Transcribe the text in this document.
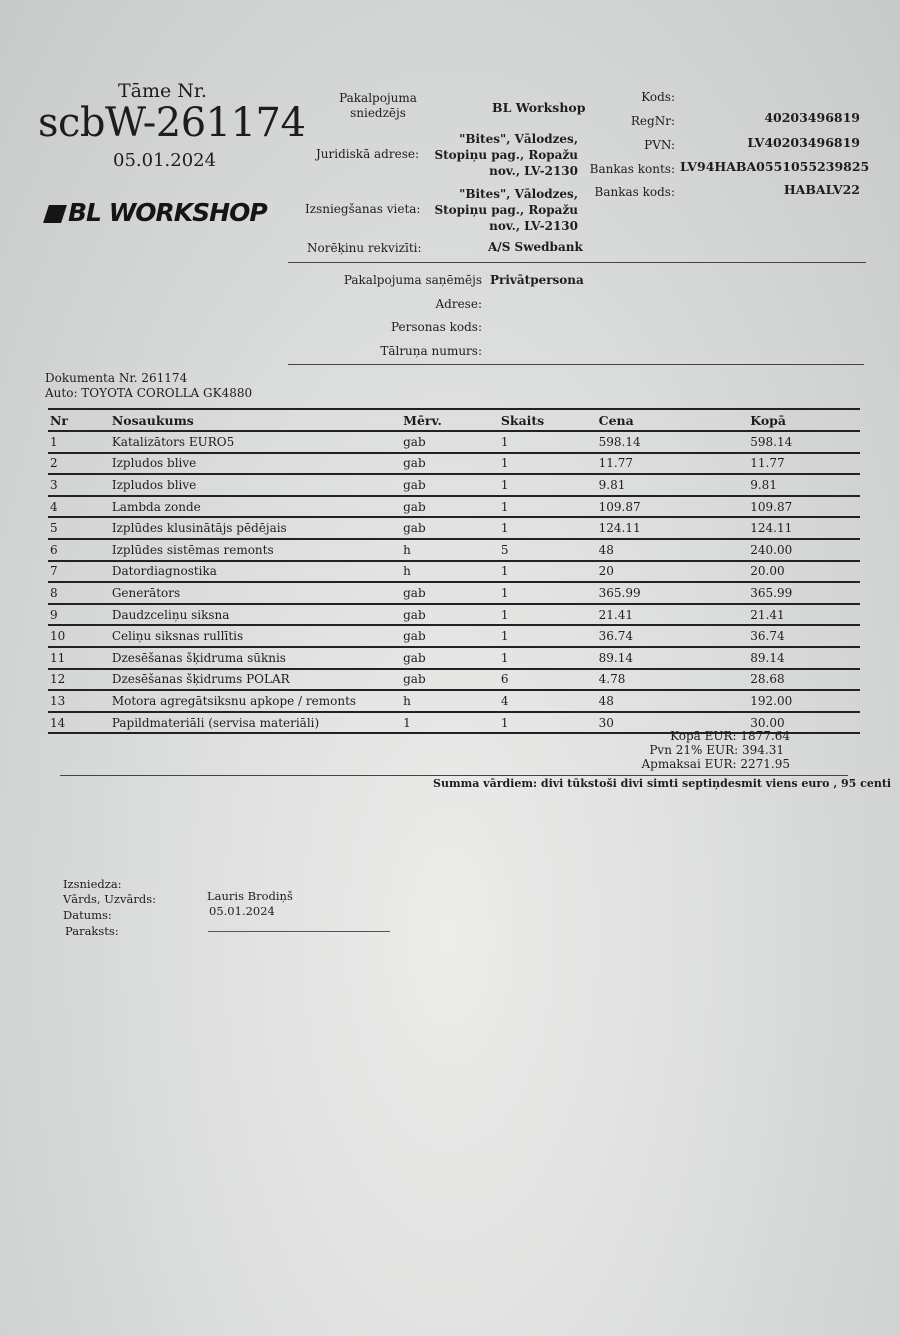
Tāme Nr.
scbW-261174
05.01.2024
BL WORKSHOP
Pakalpojuma sniedzējs	BL Workshop
Juridiskā adrese:
"Bites", Vālodzes,
Stopiņu pag., Ropažu
nov., LV-2130
Izsniegšanas vieta:
"Bites", Vālodzes,
Stopiņu pag., Ropažu
nov., LV-2130
Norēķinu rekvizīti:	A/S Swedbank
Kods:
RegNr:	40203496819
PVN:	LV40203496819
Bankas konts: LV94HABA0551055239825
Bankas kods:	HABALV22
Pakalpojuma saņēmējs Privātpersona
Adrese:
Personas kods:
Tālruņa numurs:
Dokumenta Nr. 261174
Auto: TOYOTA COROLLA GK4880
Nr	Nosaukums	Mērv.	Skaits	Cena	Kopā
1	Katalizātors EURO5	gab	1	598.14	598.14
2	Izpludos blive	gab	1	11.77	11.77
3	Izpludos blive	gab	1	9.81	9.81
4	Lambda zonde	gab	1	109.87	109.87
5	Izplūdes klusinātājs pēdējais	gab	1	124.11	124.11
6	Izplūdes sistēmas remonts	h	5	48	240.00
7	Datordiagnostika	h	1	20	20.00
8	Generātors	gab	1	365.99	365.99
9	Daudzceliņu siksna	gab	1	21.41	21.41
10	Celiņu siksnas rullītis	gab	1	36.74	36.74
11	Dzesēšanas šķidruma sūknis	gab	1	89.14	89.14
12	Dzesēšanas šķidrums POLAR	gab	6	4.78	28.68
13	Motora agregātsiksnu apkope / remonts	h	4	48	192.00
14	Papildmateriāli (servisa materiāli)	1	1	30	30.00
Kopā EUR: 1877.64
Pvn 21% EUR: 394.31
Apmaksai EUR: 2271.95
Summa vārdiem: divi tūkstoši divi simti septiņdesmit viens euro , 95 centi
Izsniedza:
Vārds, Uzvārds:	Lauris Brodiņš
Datums:	05.01.2024
Paraksts:
